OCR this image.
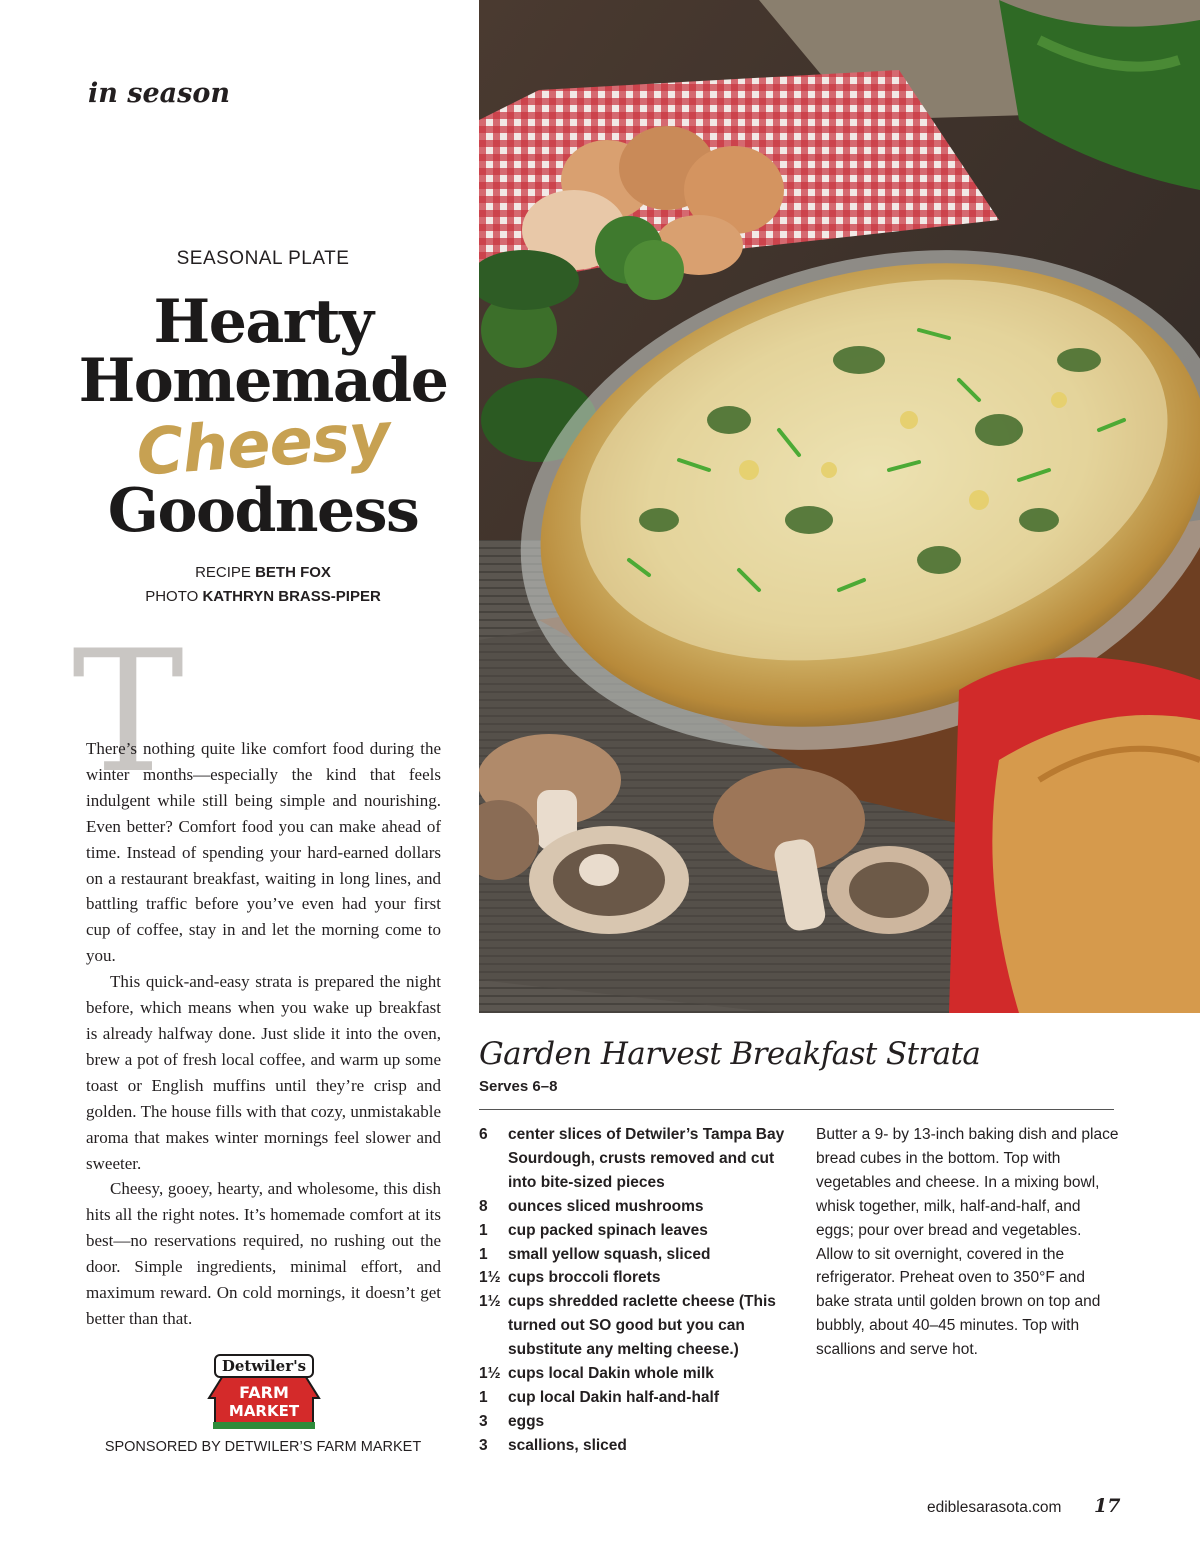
in season
SEASONAL PLATE
Hearty
Homemade
Cheesy
Goodness
RECIPE BETH FOX
PHOTO KATHRYN BRASS-PIPER
T

There’s nothing quite like comfort food during the winter months—especially the kind that feels indulgent while still being simple and nourishing. Even better? Comfort food you can make ahead of time. Instead of spending your hard-earned dollars on a restaurant breakfast, waiting in long lines, and battling traffic before you’ve even had your first cup of coffee, stay in and let the morning come to you.

This quick-and-easy strata is prepared the night before, which means when you wake up breakfast is already halfway done. Just slide it into the oven, brew a pot of fresh local coffee, and warm up some toast or English muffins until they’re crisp and golden. The house fills with that cozy, unmistakable aroma that makes winter mornings feel slower and sweeter.

Cheesy, gooey, hearty, and wholesome, this dish hits all the right notes. It’s homemade comfort at its best—no reservations required, no rushing out the door. Simple ingredients, minimal effort, and maximum reward. On cold mornings, it doesn’t get better than that.

Detwiler's
FARM
MARKET
SPONSORED BY DETWILER’S FARM MARKET
Garden Harvest Breakfast Strata
Serves 6–8
6	center slices of Detwiler’s Tampa Bay Sourdough, crusts removed and cut into bite-sized pieces
8	ounces sliced mushrooms
1	cup packed spinach leaves
1	small yellow squash, sliced
1½ cups broccoli florets
1½ cups shredded raclette cheese (This turned out SO good but you can substitute any melting cheese.)
1½ cups local Dakin whole milk
1	cup local Dakin half-and-half
3	eggs
3	scallions, sliced
Butter a 9- by 13-inch baking dish and place bread cubes in the bottom. Top with vegetables and cheese. In a mixing bowl, whisk together, milk, half-and-half, and eggs; pour over bread and vegetables. Allow to sit overnight, covered in the refrigerator. Preheat oven to 350°F and bake strata until golden brown on top and bubbly, about 40–45 minutes. Top with scallions and serve hot.
ediblesarasota.com 17
